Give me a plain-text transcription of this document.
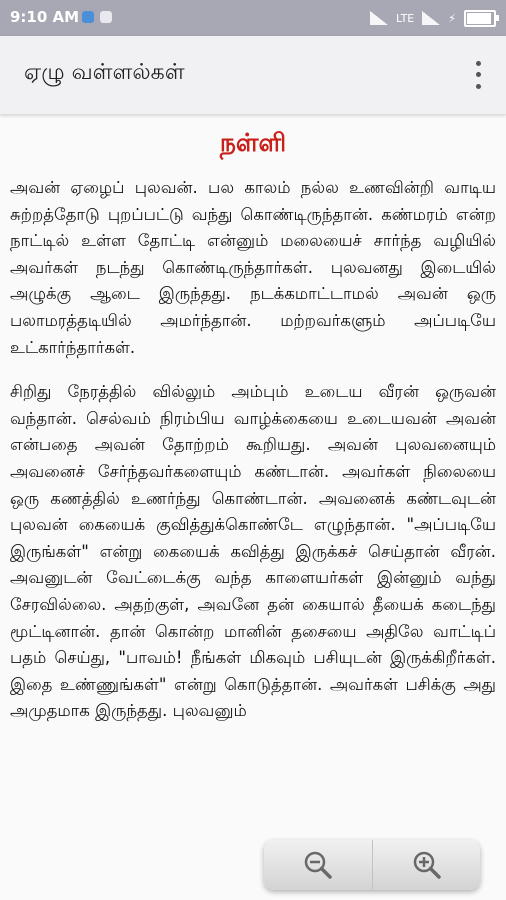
9:10 AM	LTE	⚡
ஏழு வள்ளல்கள்
நள்ளி

அவன் ஏழைப் புலவன். பல காலம் நல்ல உணவின்றி வாடிய சுற்றத்தோடு புறப்பட்டு வந்து கொண்டிருந்தான். கண்மரம் என்ற நாட்டில் உள்ள தோட்டி என்னும் மலையைச் சார்ந்த வழியில் அவர்கள் நடந்து கொண்டிருந்தார்கள். புலவனது இடையில் அழுக்கு ஆடை இருந்தது. நடக்கமாட்டாமல் அவன் ஒரு பலாமரத்தடியில் அமர்ந்தான். மற்றவர்களும் அப்படியே உட்கார்ந்தார்கள்.

சிறிது நேரத்தில் வில்லும் அம்பும் உடைய வீரன் ஒருவன் வந்தான். செல்வம் நிரம்பிய வாழ்க்கையை உடையவன் அவன் என்பதை அவன் தோற்றம் கூறியது. அவன் புலவனையும் அவனைச் சேர்ந்தவர்களையும் கண்டான். அவர்கள் நிலையை ஒரு கணத்தில் உணர்ந்து கொண்டான். அவனைக் கண்டவுடன் புலவன் கையைக் குவித்துக்கொண்டே எழுந்தான். "அப்படியே இருங்கள்" என்று கையைக் கவித்து இருக்கச் செய்தான் வீரன். அவனுடன் வேட்டைக்கு வந்த காளையர்கள் இன்னும் வந்து சேரவில்லை. அதற்குள், அவனே தன் கையால் தீயைக் கடைந்து மூட்டினான். தான் கொன்ற மானின் தசையை அதிலே வாட்டிப் பதம் செய்து, "பாவம்! நீங்கள் மிகவும் பசியுடன் இருக்கிறீர்கள். இதை உண்ணுங்கள்" என்று கொடுத்தான். அவர்கள் பசிக்கு அது அமுதமாக இருந்தது. புலவனும்
